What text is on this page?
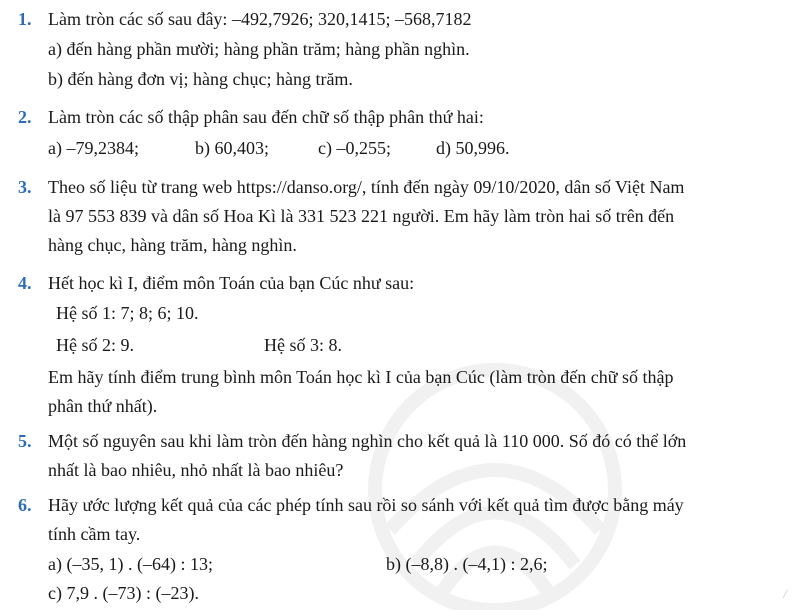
1. Làm tròn các số sau đây: –492,7926; 320,1415; –568,7182
a) đến hàng phần mười; hàng phần trăm; hàng phần nghìn.
b) đến hàng đơn vị; hàng chục; hàng trăm.
2. Làm tròn các số thập phân sau đến chữ số thập phân thứ hai:
a) –79,2384;	b) 60,403;	c) –0,255;	d) 50,996.
3. Theo số liệu từ trang web https://danso.org/, tính đến ngày 09/10/2020, dân số Việt Nam
là 97 553 839 và dân số Hoa Kì là 331 523 221 người. Em hãy làm tròn hai số trên đến
hàng chục, hàng trăm, hàng nghìn.
4. Hết học kì I, điểm môn Toán của bạn Cúc như sau:
Hệ số 1: 7; 8; 6; 10.
Hệ số 2: 9.	Hệ số 3: 8.
Em hãy tính điểm trung bình môn Toán học kì I của bạn Cúc (làm tròn đến chữ số thập
phân thứ nhất).
5. Một số nguyên sau khi làm tròn đến hàng nghìn cho kết quả là 110 000. Số đó có thể lớn
nhất là bao nhiêu, nhỏ nhất là bao nhiêu?
6. Hãy ước lượng kết quả của các phép tính sau rồi so sánh với kết quả tìm được bằng máy
tính cầm tay.
a) (–35, 1) . (–64) : 13;	b) (–8,8) . (–4,1) : 2,6;
c) 7,9 . (–73) : (–23).	/
